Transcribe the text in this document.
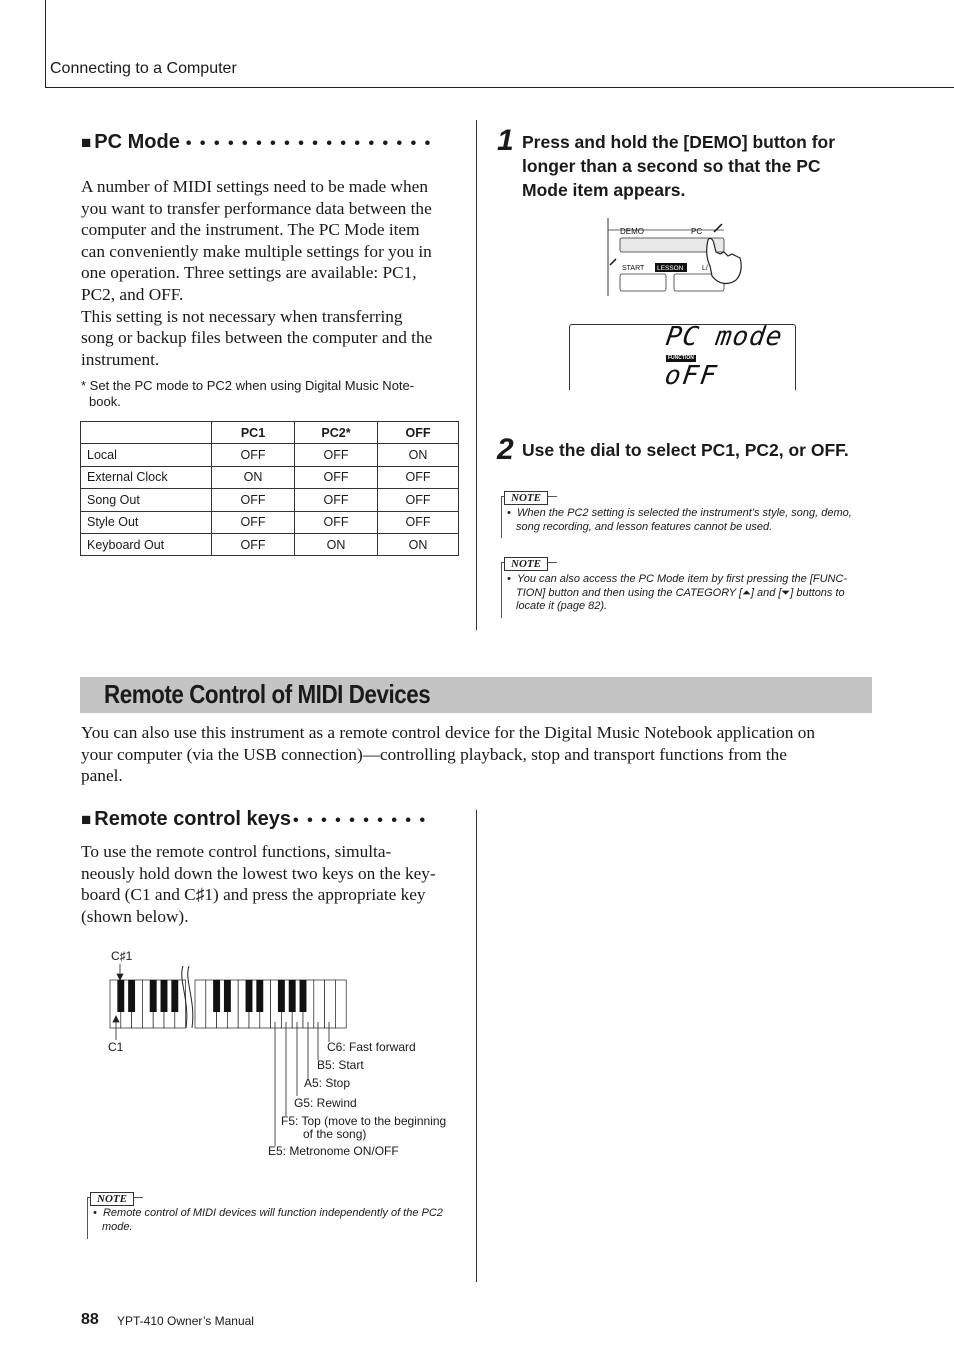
Connecting to a Computer
■ PC Mode • • • • • • • • • • • • • • • • • •
A number of MIDI settings need to be made when
you want to transfer performance data between the
computer and the instrument. The PC Mode item
can conveniently make multiple settings for you in
one operation. Three settings are available: PC1,
PC2, and OFF.
This setting is not necessary when transferring
song or backup files between the computer and the
instrument.
* Set the PC mode to PC2 when using Digital Music Note-
book.
	PC1	PC2*	OFF
Local	OFF	OFF	ON
External Clock	ON	OFF	OFF
Song Out	OFF	OFF	OFF
Style Out	OFF	OFF	OFF
Keyboard Out	OFF	ON	ON
1 Press and hold the [DEMO] button for
longer than a second so that the PC
Mode item appears.
DEMO	PC
START LESSON	L/
PC mode
FUNCTION
oFF
2 Use the dial to select PC1, PC2, or OFF.
NOTE
•  When the PC2 setting is selected the instrument’s style, song, demo,
song recording, and lesson features cannot be used.
NOTE
•  You can also access the PC Mode item by first pressing the [FUNC-
TION] button and then using the CATEGORY [⏶] and [⏷] buttons to
locate it (page 82).
Remote Control of MIDI Devices
You can also use this instrument as a remote control device for the Digital Music Notebook application on
your computer (via the USB connection)—controlling playback, stop and transport functions from the
panel.
■ Remote control keys • • • • • • • • • •
To use the remote control functions, simulta-
neously hold down the lowest two keys on the key-
board (C1 and C♯1) and press the appropriate key
(shown below).
C♯1
C1	C6: Fast forward
B5: Start
A5: Stop
G5: Rewind
F5: Top (move to the beginning
of the song)
E5: Metronome ON/OFF
NOTE
•  Remote control of MIDI devices will function independently of the PC2
mode.
88 YPT-410 Owner’s Manual
